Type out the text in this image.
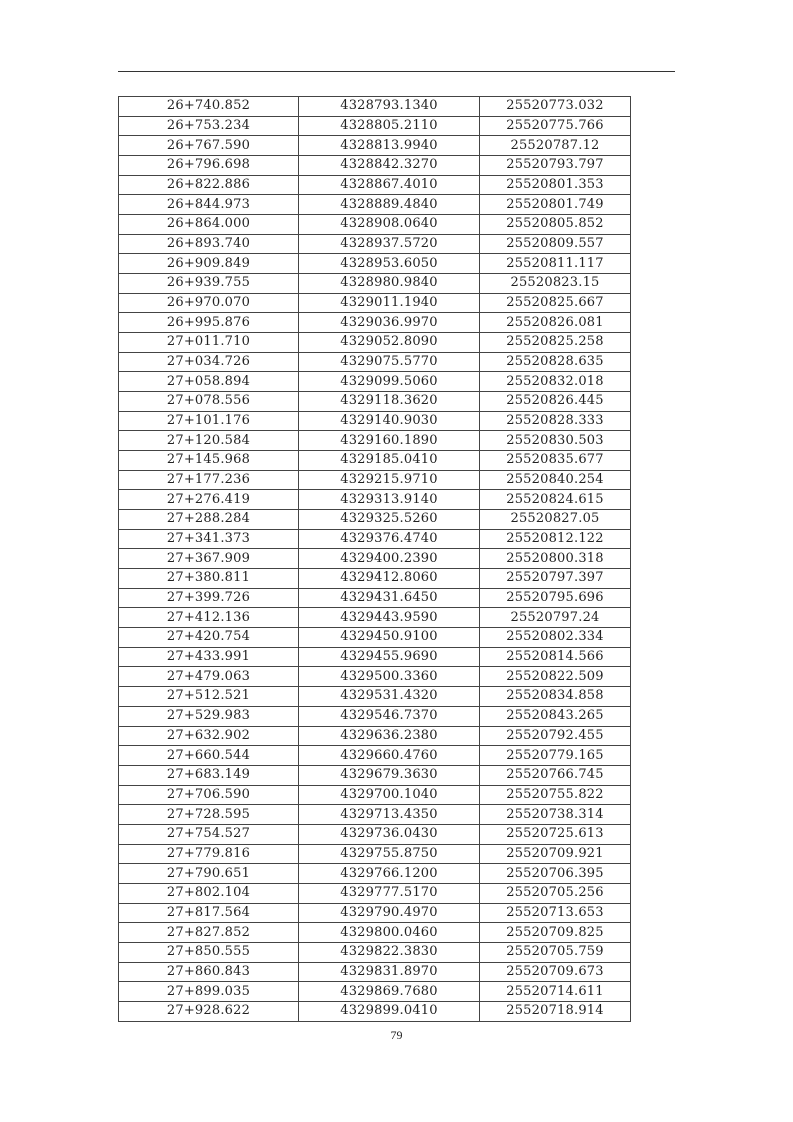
26+740.852	4328793.1340	25520773.032
26+753.234	4328805.2110	25520775.766
26+767.590	4328813.9940	25520787.12
26+796.698	4328842.3270	25520793.797
26+822.886	4328867.4010	25520801.353
26+844.973	4328889.4840	25520801.749
26+864.000	4328908.0640	25520805.852
26+893.740	4328937.5720	25520809.557
26+909.849	4328953.6050	25520811.117
26+939.755	4328980.9840	25520823.15
26+970.070	4329011.1940	25520825.667
26+995.876	4329036.9970	25520826.081
27+011.710	4329052.8090	25520825.258
27+034.726	4329075.5770	25520828.635
27+058.894	4329099.5060	25520832.018
27+078.556	4329118.3620	25520826.445
27+101.176	4329140.9030	25520828.333
27+120.584	4329160.1890	25520830.503
27+145.968	4329185.0410	25520835.677
27+177.236	4329215.9710	25520840.254
27+276.419	4329313.9140	25520824.615
27+288.284	4329325.5260	25520827.05
27+341.373	4329376.4740	25520812.122
27+367.909	4329400.2390	25520800.318
27+380.811	4329412.8060	25520797.397
27+399.726	4329431.6450	25520795.696
27+412.136	4329443.9590	25520797.24
27+420.754	4329450.9100	25520802.334
27+433.991	4329455.9690	25520814.566
27+479.063	4329500.3360	25520822.509
27+512.521	4329531.4320	25520834.858
27+529.983	4329546.7370	25520843.265
27+632.902	4329636.2380	25520792.455
27+660.544	4329660.4760	25520779.165
27+683.149	4329679.3630	25520766.745
27+706.590	4329700.1040	25520755.822
27+728.595	4329713.4350	25520738.314
27+754.527	4329736.0430	25520725.613
27+779.816	4329755.8750	25520709.921
27+790.651	4329766.1200	25520706.395
27+802.104	4329777.5170	25520705.256
27+817.564	4329790.4970	25520713.653
27+827.852	4329800.0460	25520709.825
27+850.555	4329822.3830	25520705.759
27+860.843	4329831.8970	25520709.673
27+899.035	4329869.7680	25520714.611
27+928.622	4329899.0410	25520718.914
79
